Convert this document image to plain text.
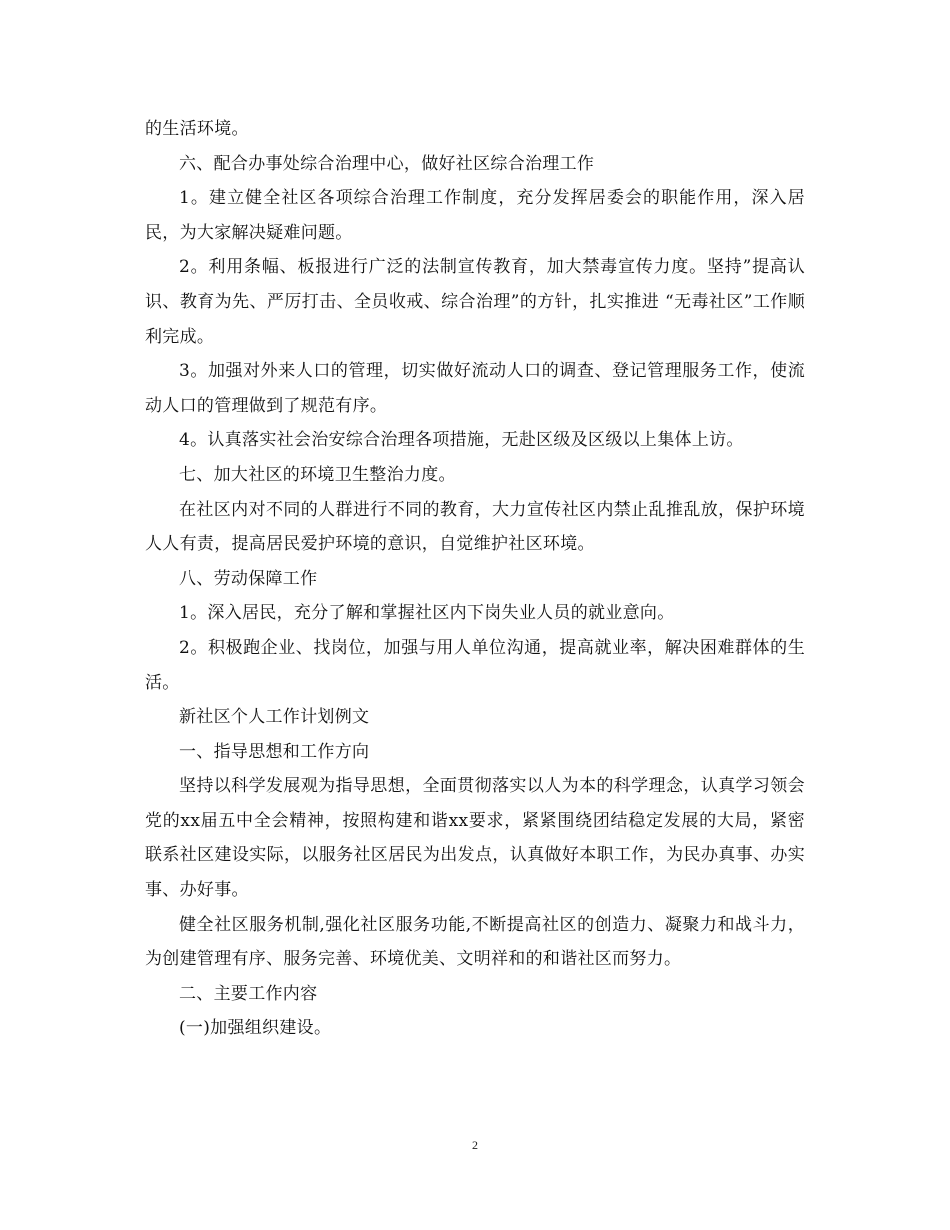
的生活环境。

六、配合办事处综合治理中心，做好社区综合治理工作

1。建立健全社区各项综合治理工作制度，充分发挥居委会的职能作用，深入居民，为大家解决疑难问题。

2。利用条幅、板报进行广泛的法制宣传教育，加大禁毒宣传力度。坚持”提高认识、教育为先、严厉打击、全员收戒、综合治理”的方针，扎实推进 “无毒社区”工作顺利完成。

3。加强对外来人口的管理，切实做好流动人口的调查、登记管理服务工作，使流动人口的管理做到了规范有序。

4。认真落实社会治安综合治理各项措施，无赴区级及区级以上集体上访。

七、加大社区的环境卫生整治力度。

在社区内对不同的人群进行不同的教育，大力宣传社区内禁止乱推乱放，保护环境人人有责，提高居民爱护环境的意识，自觉维护社区环境。

八、劳动保障工作

1。深入居民，充分了解和掌握社区内下岗失业人员的就业意向。

2。积极跑企业、找岗位，加强与用人单位沟通，提高就业率，解决困难群体的生活。

新社区个人工作计划例文

一、指导思想和工作方向

坚持以科学发展观为指导思想，全面贯彻落实以人为本的科学理念，认真学习领会党的xx届五中全会精神，按照构建和谐xx要求，紧紧围绕团结稳定发展的大局，紧密联系社区建设实际，以服务社区居民为出发点，认真做好本职工作，为民办真事、办实事、办好事。

健全社区服务机制,强化社区服务功能,不断提高社区的创造力、凝聚力和战斗力，为创建管理有序、服务完善、环境优美、文明祥和的和谐社区而努力。

二、主要工作内容

(一)加强组织建设。

2
